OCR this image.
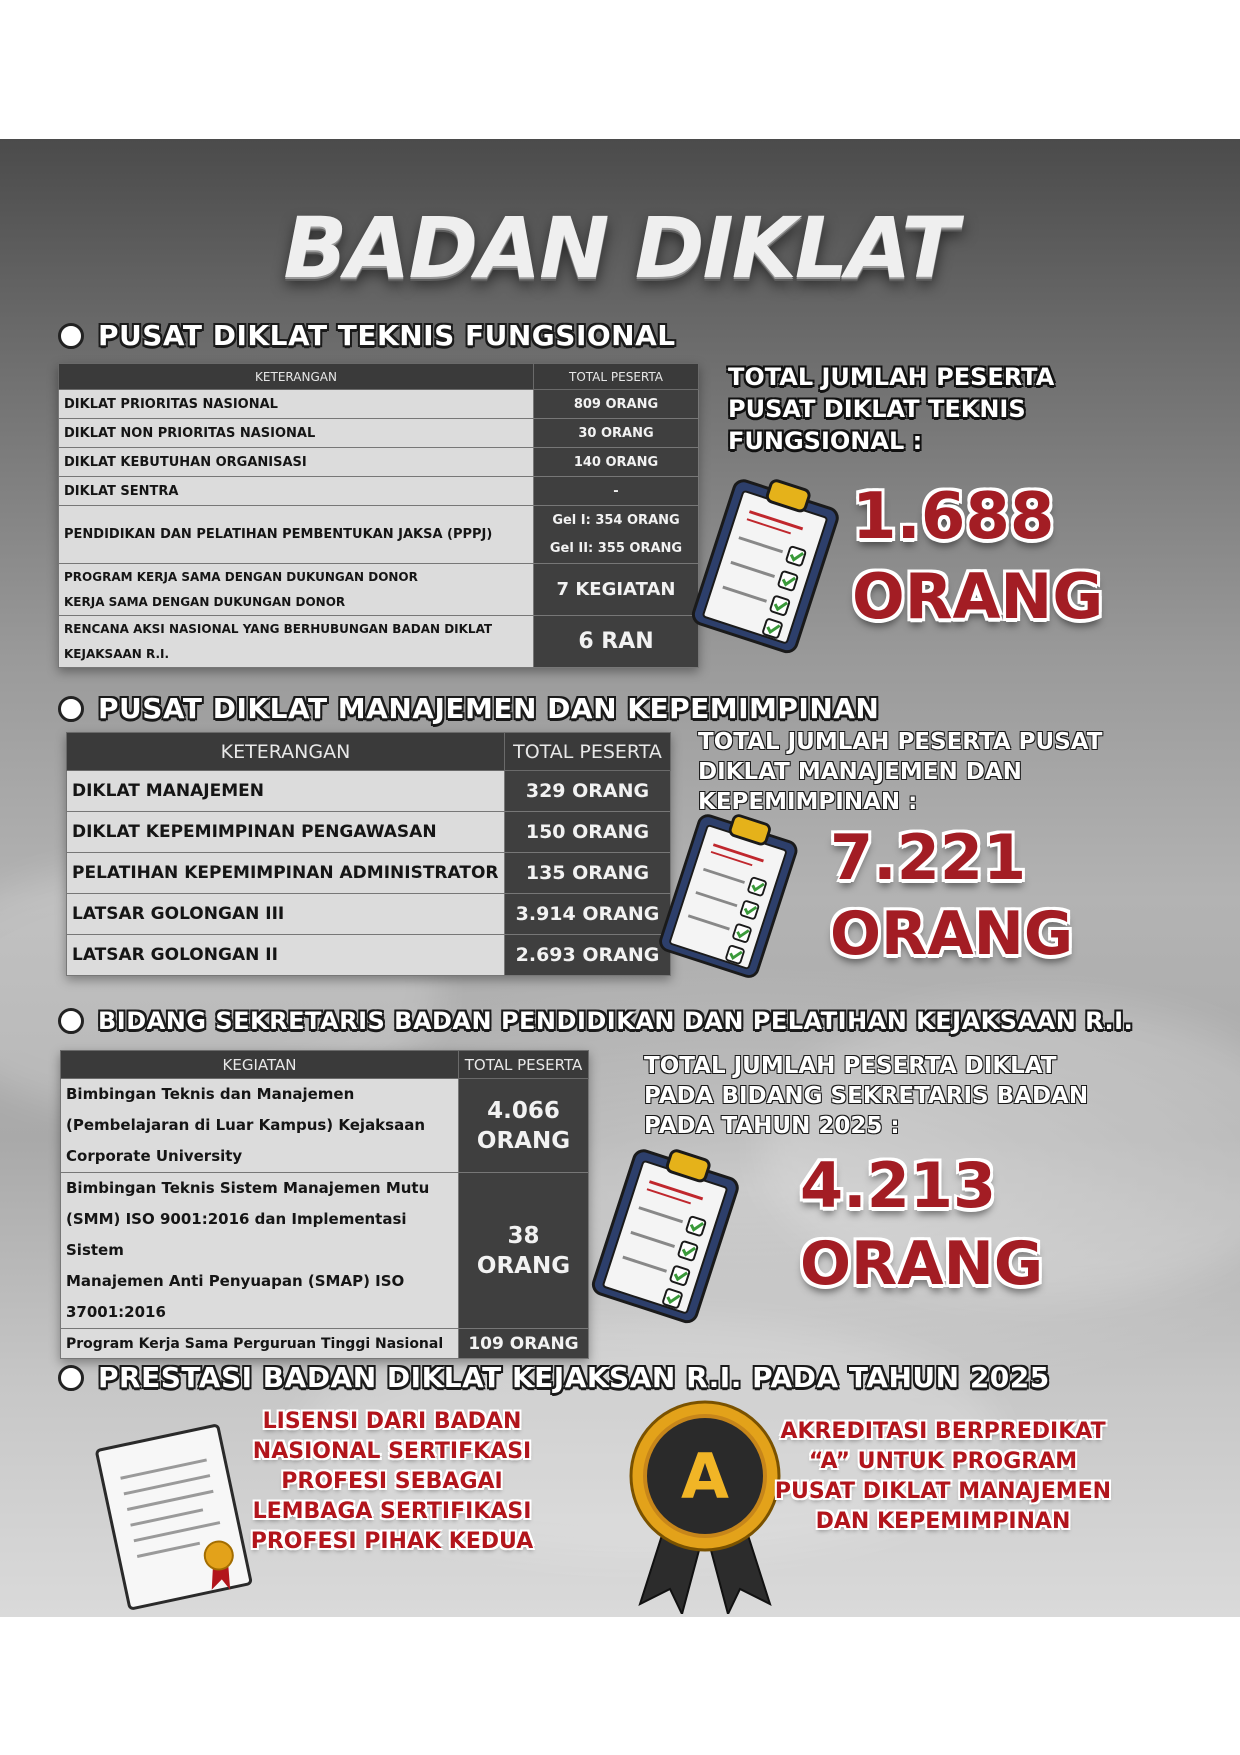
BADAN DIKLAT
PUSAT DIKLAT TEKNIS FUNGSIONAL
KETERANGAN	TOTAL PESERTA
DIKLAT PRIORITAS NASIONAL	809 ORANG
DIKLAT NON PRIORITAS NASIONAL	30 ORANG
DIKLAT KEBUTUHAN ORGANISASI	140 ORANG
DIKLAT SENTRA	-
PENDIDIKAN DAN PELATIHAN PEMBENTUKAN JAKSA (PPPJ)	Gel I: 354 ORANG
Gel II: 355 ORANG

PROGRAM KERJA SAMA DENGAN DUKUNGAN DONOR
KERJA SAMA DENGAN DUKUNGAN DONOR	7 KEGIATAN

RENCANA AKSI NASIONAL YANG BERHUBUNGAN BADAN DIKLAT
KEJAKSAAN R.I.	6 RAN
TOTAL JUMLAH PESERTA
PUSAT DIKLAT TEKNIS
FUNGSIONAL :
1.688
ORANG
PUSAT DIKLAT MANAJEMEN DAN KEPEMIMPINAN
KETERANGAN	TOTAL PESERTA
DIKLAT MANAJEMEN	329 ORANG
DIKLAT KEPEMIMPINAN PENGAWASAN	150 ORANG
PELATIHAN KEPEMIMPINAN ADMINISTRATOR	135 ORANG
LATSAR GOLONGAN III	3.914 ORANG
LATSAR GOLONGAN II	2.693 ORANG
TOTAL JUMLAH PESERTA PUSAT
DIKLAT MANAJEMEN DAN
KEPEMIMPINAN :
7.221
ORANG
BIDANG SEKRETARIS BADAN PENDIDIKAN DAN PELATIHAN KEJAKSAAN R.I.
KEGIATAN	TOTAL PESERTA

Bimbingan Teknis dan Manajemen
(Pembelajaran di Luar Kampus) Kejaksaan
Corporate University	4.066
ORANG

Bimbingan Teknis Sistem Manajemen Mutu
(SMM) ISO 9001:2016 dan Implementasi Sistem
Manajemen Anti Penyuapan (SMAP) ISO
37001:2016	38
ORANG

Program Kerja Sama Perguruan Tinggi Nasional	109 ORANG
TOTAL JUMLAH PESERTA DIKLAT
PADA BIDANG SEKRETARIS BADAN
PADA TAHUN 2025 :
4.213
ORANG
PRESTASI BADAN DIKLAT KEJAKSAN R.I. PADA TAHUN 2025
LISENSI DARI BADAN
NASIONAL SERTIFKASI
PROFESI SEBAGAI
LEMBAGA SERTIFIKASI
PROFESI PIHAK KEDUA
A
AKREDITASI BERPREDIKAT
“A” UNTUK PROGRAM
PUSAT DIKLAT MANAJEMEN
DAN KEPEMIMPINAN
